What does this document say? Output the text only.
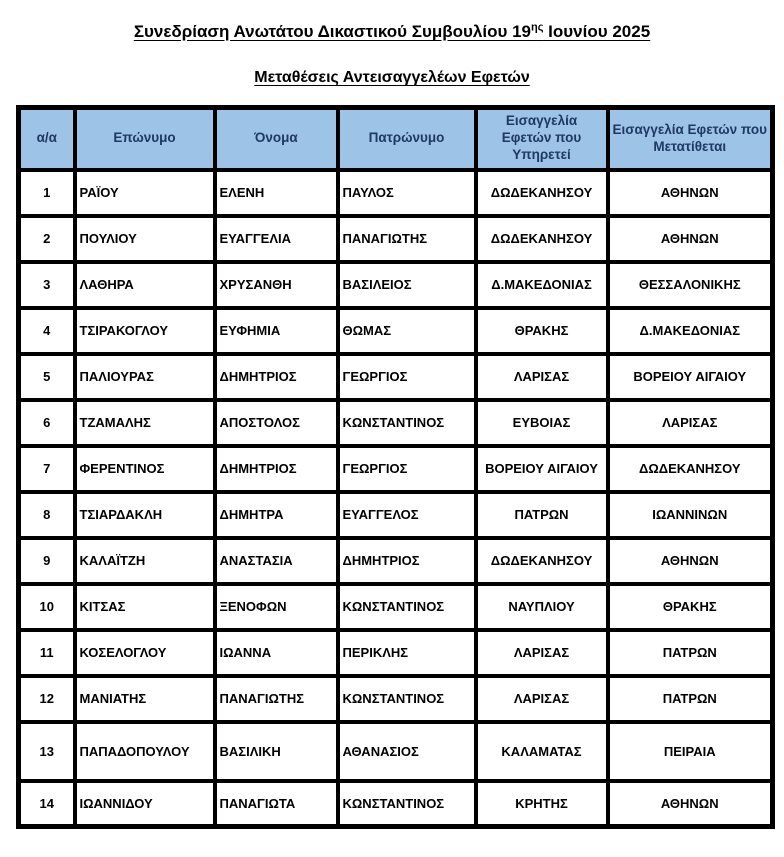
Συνεδρίαση Ανωτάτου Δικαστικού Συμβουλίου $19^{\eta\varsigma}$ Ιουνίου 2025
Μεταθέσεις Αντεισαγγελέων Εφετών
α/α	Επώνυμο	Όνομα	Πατρώνυμο	Εισαγγελία Εφετών που Υπηρετεί	Εισαγγελία Εφετών που Μετατίθεται
1	ΡΑΪΟΥ	ΕΛΕΝΗ	ΠΑΥΛΟΣ	ΔΩΔΕΚΑΝΗΣΟΥ	ΑΘΗΝΩΝ
2	ΠΟΥΛΙΟΥ	ΕΥΑΓΓΕΛΙΑ	ΠΑΝΑΓΙΩΤΗΣ	ΔΩΔΕΚΑΝΗΣΟΥ	ΑΘΗΝΩΝ
3	ΛΑΘΗΡΑ	ΧΡΥΣΑΝΘΗ	ΒΑΣΙΛΕΙΟΣ	Δ.ΜΑΚΕΔΟΝΙΑΣ	ΘΕΣΣΑΛΟΝΙΚΗΣ
4	ΤΣΙΡΑΚΟΓΛΟΥ	ΕΥΦΗΜΙΑ	ΘΩΜΑΣ	ΘΡΑΚΗΣ	Δ.ΜΑΚΕΔΟΝΙΑΣ
5	ΠΑΛΙΟΥΡΑΣ	ΔΗΜΗΤΡΙΟΣ	ΓΕΩΡΓΙΟΣ	ΛΑΡΙΣΑΣ	ΒΟΡΕΙΟΥ ΑΙΓΑΙΟΥ
6	ΤΖΑΜΑΛΗΣ	ΑΠΟΣΤΟΛΟΣ	ΚΩΝΣΤΑΝΤΙΝΟΣ	ΕΥΒΟΙΑΣ	ΛΑΡΙΣΑΣ
7	ΦΕΡΕΝΤΙΝΟΣ	ΔΗΜΗΤΡΙΟΣ	ΓΕΩΡΓΙΟΣ	ΒΟΡΕΙΟΥ ΑΙΓΑΙΟΥ	ΔΩΔΕΚΑΝΗΣΟΥ
8	ΤΣΙΑΡΔΑΚΛΗ	ΔΗΜΗΤΡΑ	ΕΥΑΓΓΕΛΟΣ	ΠΑΤΡΩΝ	ΙΩΑΝΝΙΝΩΝ
9	ΚΑΛΑΪΤΖΗ	ΑΝΑΣΤΑΣΙΑ	ΔΗΜΗΤΡΙΟΣ	ΔΩΔΕΚΑΝΗΣΟΥ	ΑΘΗΝΩΝ
10	ΚΙΤΣΑΣ	ΞΕΝΟΦΩΝ	ΚΩΝΣΤΑΝΤΙΝΟΣ	ΝΑΥΠΛΙΟΥ	ΘΡΑΚΗΣ
11	ΚΟΣΕΛΟΓΛΟΥ	ΙΩΑΝΝΑ	ΠΕΡΙΚΛΗΣ	ΛΑΡΙΣΑΣ	ΠΑΤΡΩΝ
12	ΜΑΝΙΑΤΗΣ	ΠΑΝΑΓΙΩΤΗΣ	ΚΩΝΣΤΑΝΤΙΝΟΣ	ΛΑΡΙΣΑΣ	ΠΑΤΡΩΝ
13	ΠΑΠΑΔΟΠΟΥΛΟΥ	ΒΑΣΙΛΙΚΗ	ΑΘΑΝΑΣΙΟΣ	ΚΑΛΑΜΑΤΑΣ	ΠΕΙΡΑΙΑ
14	ΙΩΑΝΝΙΔΟΥ	ΠΑΝΑΓΙΩΤΑ	ΚΩΝΣΤΑΝΤΙΝΟΣ	ΚΡΗΤΗΣ	ΑΘΗΝΩΝ
